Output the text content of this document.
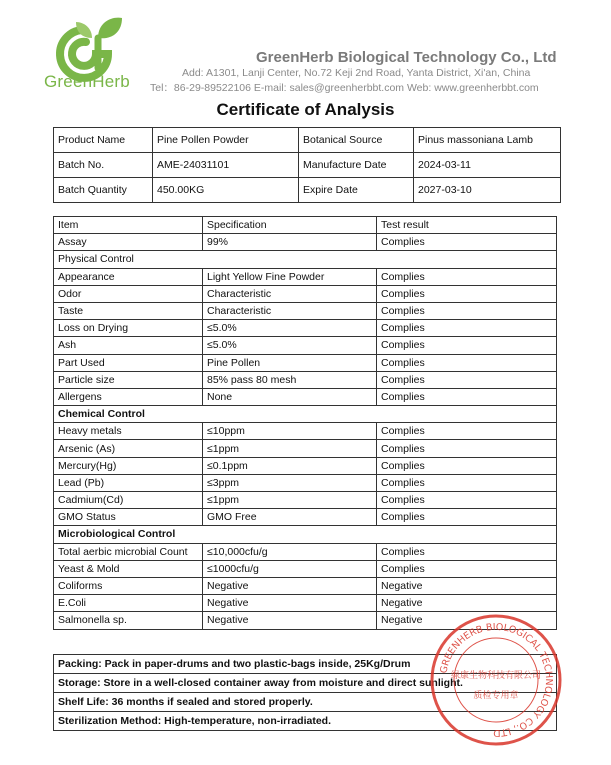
GreenHerb
GreenHerb Biological Technology Co., Ltd
Add: A1301, Lanji Center, No.72 Keji 2nd Road, Yanta District, Xi'an, China
Tel：86-29-89522106 E-mail: sales@greenherbbt.com Web: www.greenherbbt.com
Certificate of Analysis
Product Name	Pine Pollen Powder	Botanical Source	Pinus massoniana Lamb
Batch No.	AME-24031101	Manufacture Date	2024-03-11
Batch Quantity	450.00KG	Expire Date	2027-03-10
Item	Specification	Test result
Assay	99%	Complies
Physical Control		
Appearance	Light Yellow Fine Powder	Complies
Odor	Characteristic	Complies
Taste	Characteristic	Complies
Loss on Drying	≤5.0%	Complies
Ash	≤5.0%	Complies
Part Used	Pine Pollen	Complies
Particle size	85% pass 80 mesh	Complies
Allergens	None	Complies
Chemical Control		
Heavy metals	≤10ppm	Complies
Arsenic (As)	≤1ppm	Complies
Mercury(Hg)	≤0.1ppm	Complies
Lead (Pb)	≤3ppm	Complies
Cadmium(Cd)	≤1ppm	Complies
GMO Status	GMO Free	Complies
Microbiological Control		
Total aerbic microbial Count	≤10,000cfu/g	Complies
Yeast & Mold	≤1000cfu/g	Complies
Coliforms	Negative	Negative
E.Coli	Negative	Negative
Salmonella sp.	Negative	Negative
Packing: Pack in paper-drums and two plastic-bags inside, 25Kg/Drum
Storage: Store in a well-closed container away from moisture and direct sunlight.
Shelf Life: 36 months if sealed and stored properly.
Sterilization Method: High-temperature, non-irradiated.
GREENHERB BIOLOGICAL TECHNOLOGY CO., LTD
绿康生物科技有限公司
质检专用章
